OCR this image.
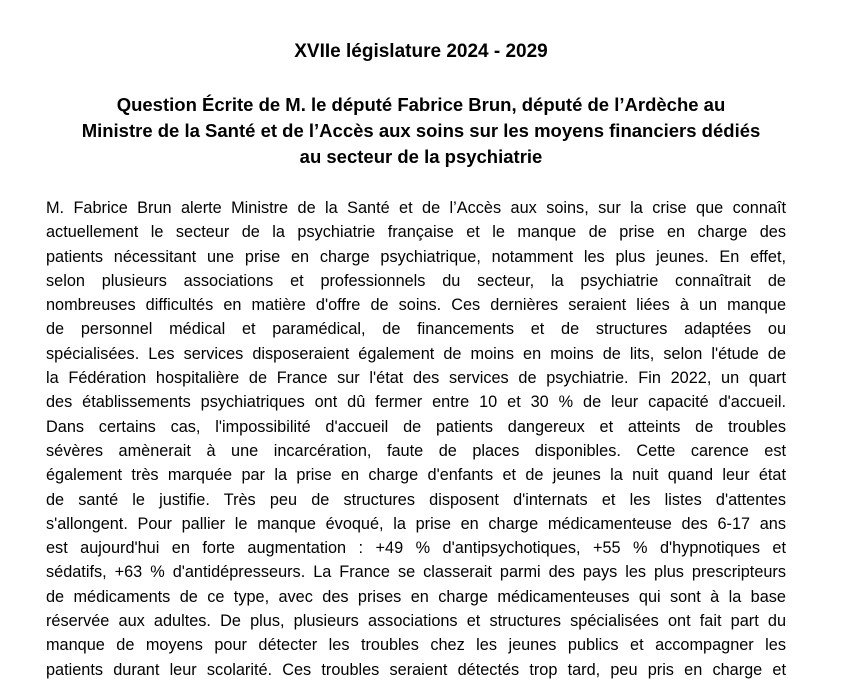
XVIIe législature 2024 - 2029
Question Écrite de M. le député Fabrice Brun, député de l’Ardèche au
Ministre de la Santé et de l’Accès aux soins sur les moyens financiers dédiés
au secteur de la psychiatrie
M. Fabrice Brun alerte Ministre de la Santé et de l’Accès aux soins, sur la crise que connaît
actuellement le secteur de la psychiatrie française et le manque de prise en charge des
patients nécessitant une prise en charge psychiatrique, notamment les plus jeunes. En effet,
selon plusieurs associations et professionnels du secteur, la psychiatrie connaîtrait de
nombreuses difficultés en matière d'offre de soins. Ces dernières seraient liées à un manque
de personnel médical et paramédical, de financements et de structures adaptées ou
spécialisées. Les services disposeraient également de moins en moins de lits, selon l'étude de
la Fédération hospitalière de France sur l'état des services de psychiatrie. Fin 2022, un quart
des établissements psychiatriques ont dû fermer entre 10 et 30 % de leur capacité d'accueil.
Dans certains cas, l'impossibilité d'accueil de patients dangereux et atteints de troubles
sévères amènerait à une incarcération, faute de places disponibles. Cette carence est
également très marquée par la prise en charge d'enfants et de jeunes la nuit quand leur état
de santé le justifie. Très peu de structures disposent d'internats et les listes d'attentes
s'allongent. Pour pallier le manque évoqué, la prise en charge médicamenteuse des 6-17 ans
est aujourd'hui en forte augmentation : +49 % d'antipsychotiques, +55 % d'hypnotiques et
sédatifs, +63 % d'antidépresseurs. La France se classerait parmi des pays les plus prescripteurs
de médicaments de ce type, avec des prises en charge médicamenteuses qui sont à la base
réservée aux adultes. De plus, plusieurs associations et structures spécialisées ont fait part du
manque de moyens pour détecter les troubles chez les jeunes publics et accompagner les
patients durant leur scolarité. Ces troubles seraient détectés trop tard, peu pris en charge et
